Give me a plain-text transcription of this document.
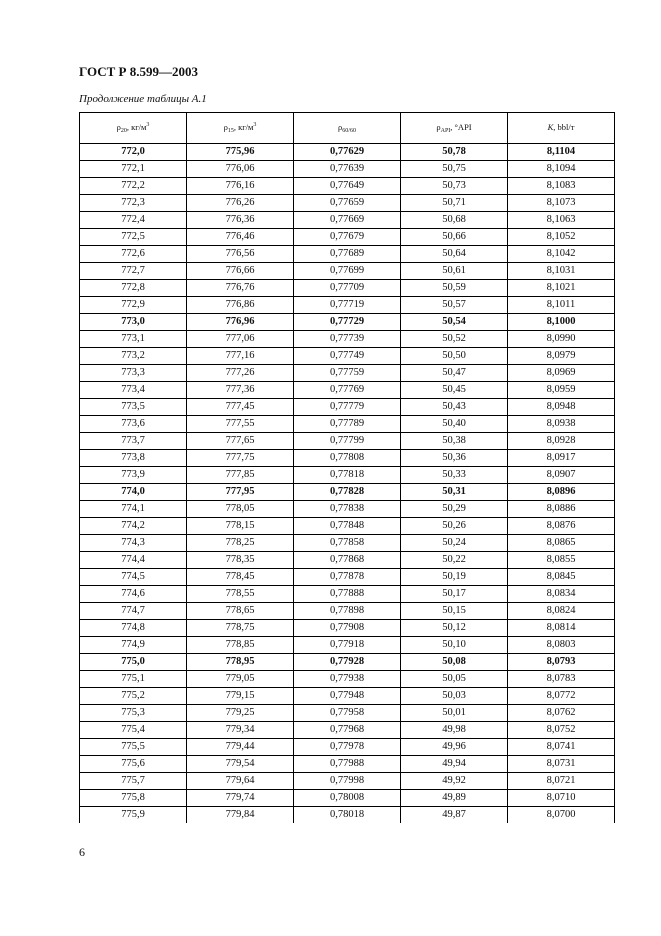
ГОСТ Р 8.599—2003
Продолжение таблицы А.1
$\rho_{20}$, $кг/м^3$	$\rho_{15}$, $кг/м^3$	$\rho_{60/60}$	$\rho_{API}$, °API	K, bbl/т
772,0	775,96	0,77629	50,78	8,1104
772,1	776,06	0,77639	50,75	8,1094
772,2	776,16	0,77649	50,73	8,1083
772,3	776,26	0,77659	50,71	8,1073
772,4	776,36	0,77669	50,68	8,1063
772,5	776,46	0,77679	50,66	8,1052
772,6	776,56	0,77689	50,64	8,1042
772,7	776,66	0,77699	50,61	8,1031
772,8	776,76	0,77709	50,59	8,1021
772,9	776,86	0,77719	50,57	8,1011
773,0	776,96	0,77729	50,54	8,1000
773,1	777,06	0,77739	50,52	8,0990
773,2	777,16	0,77749	50,50	8,0979
773,3	777,26	0,77759	50,47	8,0969
773,4	777,36	0,77769	50,45	8,0959
773,5	777,45	0,77779	50,43	8,0948
773,6	777,55	0,77789	50,40	8,0938
773,7	777,65	0,77799	50,38	8,0928
773,8	777,75	0,77808	50,36	8,0917
773,9	777,85	0,77818	50,33	8,0907
774,0	777,95	0,77828	50,31	8,0896
774,1	778,05	0,77838	50,29	8,0886
774,2	778,15	0,77848	50,26	8,0876
774,3	778,25	0,77858	50,24	8,0865
774,4	778,35	0,77868	50,22	8,0855
774,5	778,45	0,77878	50,19	8,0845
774,6	778,55	0,77888	50,17	8,0834
774,7	778,65	0,77898	50,15	8,0824
774,8	778,75	0,77908	50,12	8,0814
774,9	778,85	0,77918	50,10	8,0803
775,0	778,95	0,77928	50,08	8,0793
775,1	779,05	0,77938	50,05	8,0783
775,2	779,15	0,77948	50,03	8,0772
775,3	779,25	0,77958	50,01	8,0762
775,4	779,34	0,77968	49,98	8,0752
775,5	779,44	0,77978	49,96	8,0741
775,6	779,54	0,77988	49,94	8,0731
775,7	779,64	0,77998	49,92	8,0721
775,8	779,74	0,78008	49,89	8,0710
775,9	779,84	0,78018	49,87	8,0700
6
